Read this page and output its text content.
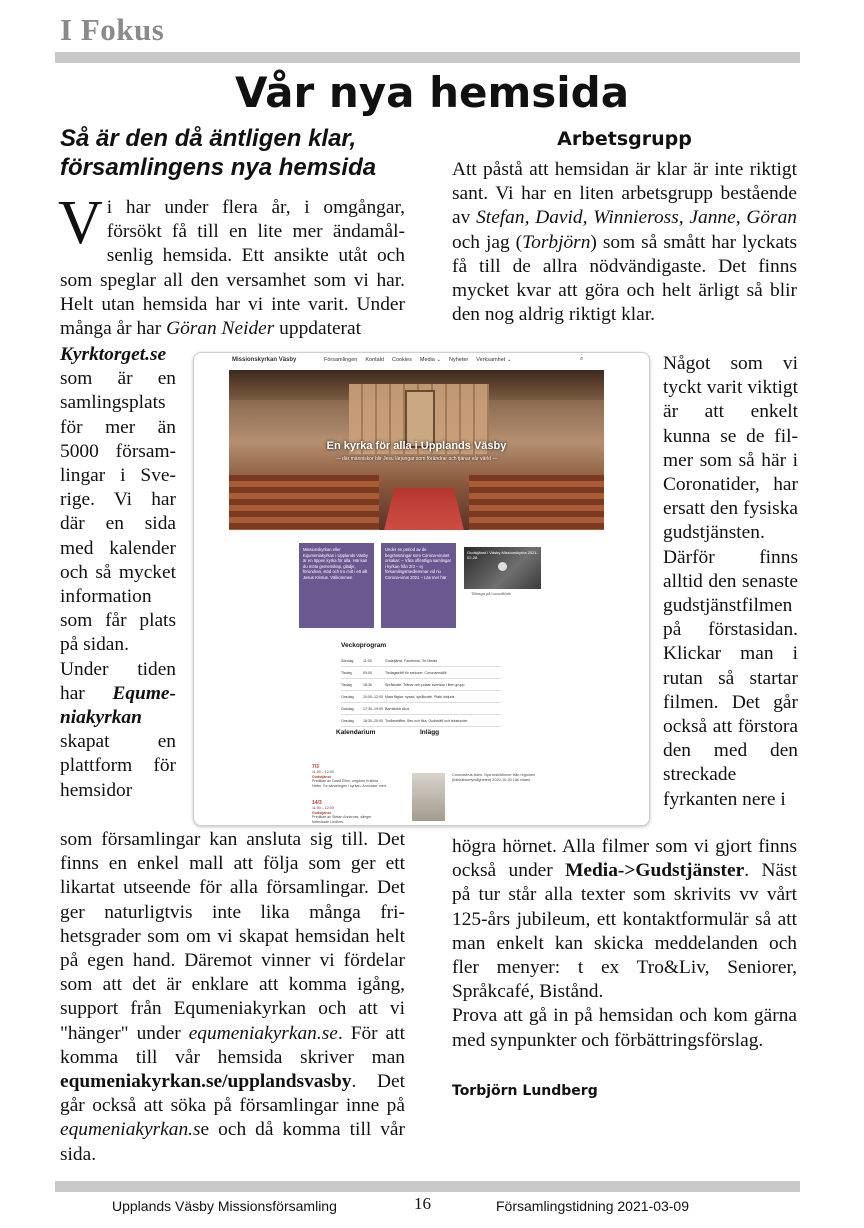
I Fokus
Vår nya hemsida
Så är den då äntligen klar, församlingens nya hemsida

Vi har under flera år, i omgångar, försökt få till en lite mer ändamålsenlig hemsida. Ett ansikte utåt och som speglar all den versamhet som vi har. Helt utan hemsida har vi inte varit. Under många år har Göran Neider uppdaterat

Kyrktorget.se

som är en samlingsplats för mer än 5000 församlingar i Sverige. Vi har där en sida med kalender och så mycket information som får plats på sidan.

Under tiden har Equmeniakyrkan skapat en plattform för hemsidor

som församlingar kan ansluta sig till. Det finns en enkel mall att följa som ger ett likartat utseende för alla församlingar. Det ger naturligtvis inte lika många frihetsgrader som om vi skapat hemsidan helt på egen hand. Däremot vinner vi fördelar som att det är enklare att komma igång, support från Equmeniakyrkan och att vi "hänger" under equmeniakyrkan.se. För att komma till vår hemsida skriver man equmeniakyrkan.se/upplandsvasby. Det går också att söka på församlingar inne på equmeniakyrkan.se och då komma till vår sida.

Arbetsgrupp

Att påstå att hemsidan är klar är inte riktigt sant. Vi har en liten arbetsgrupp bestående av Stefan, David, Winnieross, Janne, Göran och jag (Torbjörn) som så smått har lyckats få till de allra nödvändigaste. Det finns mycket kvar att göra och helt ärligt så blir den nog aldrig riktigt klar.

Något som vi tyckt varit viktigt är att enkelt kunna se de filmer som så här i Coronatider, har ersatt den fysiska gudstjänsten. Därför finns alltid den senaste gudstjänstfilmen på förstasidan. Klickar man i rutan så startar filmen. Det går också att förstora den med den streckade fyrkanten nere i

högra hörnet. Alla filmer som vi gjort finns också under Media->Gudstjänster. Näst på tur står alla texter som skrivits vv vårt 125-års jubileum, ett kontaktformulär så att man enkelt kan skicka meddelanden och fler menyer: t ex Tro&Liv, Seniorer, Språkcafé, Bistånd.

Prova att gå in på hemsidan och kom gärna med synpunkter och förbättringsförslag.

Torbjörn Lundberg
Missionskyrkan Väsby	Församlingen Kontakt Cookies Media ⌄ Nyheter Verksamhet ⌄	⌕
En kyrka för alla i Upplands Väsby
— där människor blir Jesu lärjungar som förändrar och tjänar vår värld —
Missionskyrkan eller Equmeniakyrkan i Upplands Väsby är en öppen kyrka för alla. Här kan du möta gemenskap, glädje, förundran, stöd och tro mitt i ett allt Jesus Kristus. Välkommen
Under en period av de begränsningar som Corona-viruset orsakar: – Våra offentliga samlingar i kyrkan från 2/3 – ej församlingsmedlemmar vid nu Corona-virus 2021 – Läs mer här
Gudstjänst i Väsby Missionskyrka 2021-02-28
Tillbaga på huvudflöde
Veckoprogram
Söndag	11:00	Gudstjänst, Facebook, Se Media
Tisdag	09:00	Tisdagsträff för seniorer. Coronainställt
Tisdag	18:30	Språkcafé. Tränar och pratar svenska i liten grupp
Onsdag	10:00–12:00 Mata fåglar, nysad, språkcafé. Plats inbjuds
Onsdag	17:30–19:00 Barnklubb Alva
Onsdag	18:30–20:00 Tonårsträffar. Ses och fika, Gudsträff och lekstunder
Kalendarium	Inlägg
7/3
11:00 – 12:00
Gudstjänst
Predikan av David Ellen, ungdom Kristina Heller. Se sändningen i kyrkan. Annonser med.
14/3
11:00 – 12:00
Gudstjänst
Predikan av Stefan Anneross, sånger förbrukade Lindfors.
Coronavirus-tiden. Nya restriktioner från regionen (folkhälsomyndigheten) 2020-10-30 Läs vidare
Upplands Väsby Missionsförsamling	16	Församlingstidning 2021-03-09
